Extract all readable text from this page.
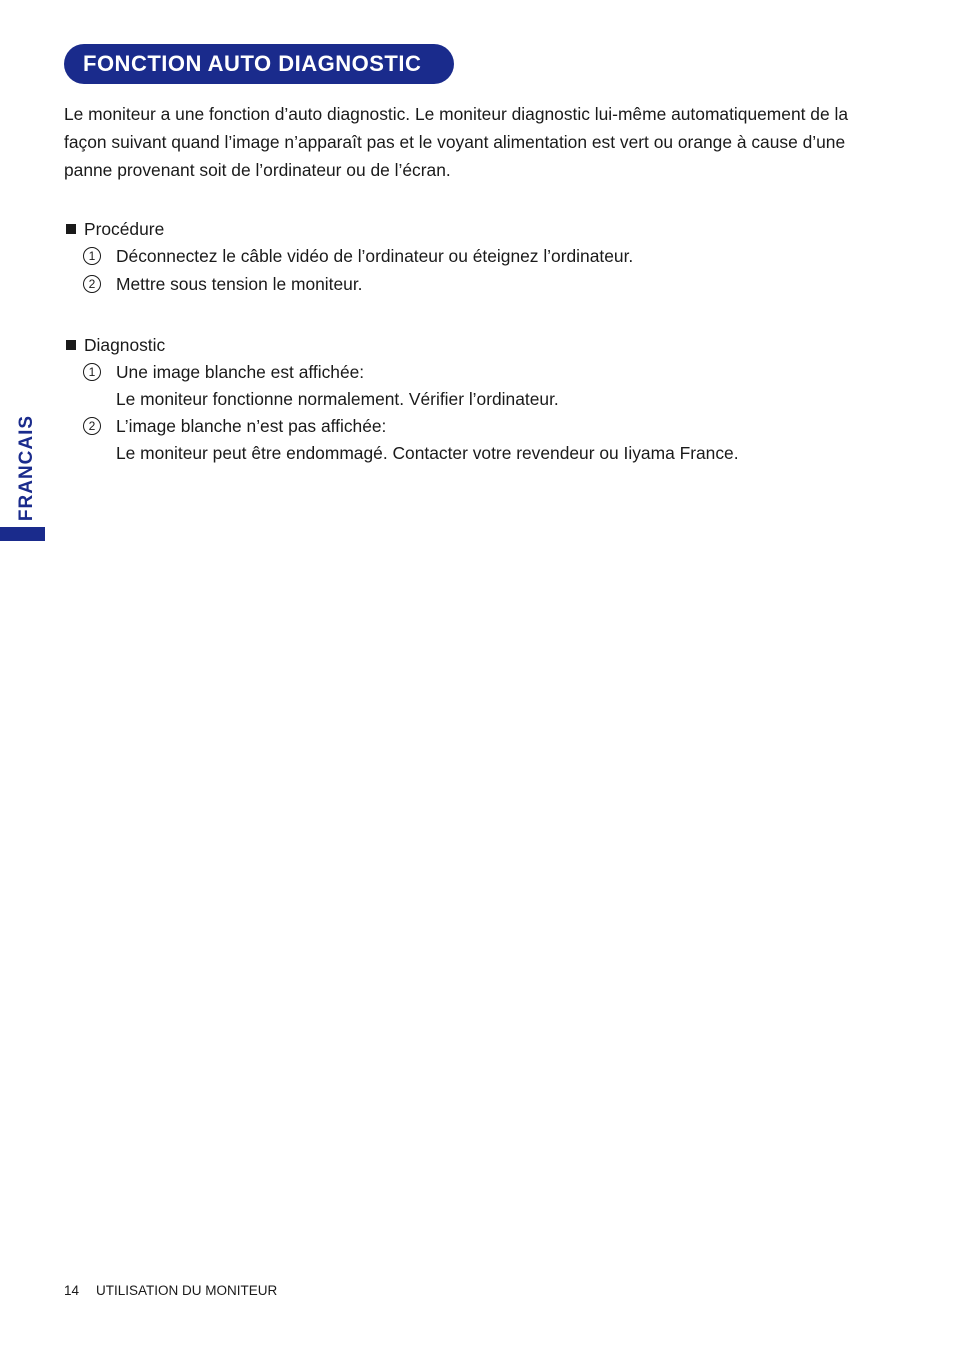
FONCTION AUTO DIAGNOSTIC

Le moniteur a une fonction d’auto diagnostic. Le moniteur diagnostic lui-même automatiquement de la

façon suivant quand l’image n’apparaît pas et le voyant alimentation est vert ou orange à cause d’une

panne provenant soit de l’ordinateur ou de l’écran.

Procédure
1	Déconnectez le câble vidéo de l’ordinateur ou éteignez l’ordinateur.
2	Mettre sous tension le moniteur.
Diagnostic
1	Une image blanche est affichée:
Le moniteur fonctionne normalement. Vérifier l’ordinateur.
2	L’image blanche n’est pas affichée:
Le moniteur peut être endommagé. Contacter votre revendeur ou Iiyama France.
FRANCAIS
14 UTILISATION DU MONITEUR
